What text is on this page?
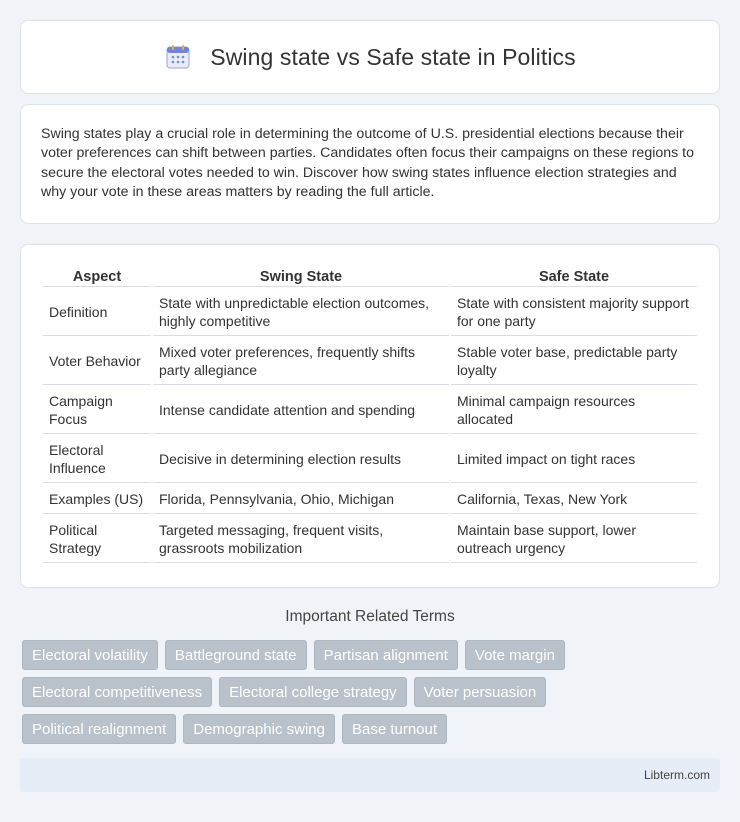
Swing state vs Safe state in Politics

Swing states play a crucial role in determining the outcome of U.S. presidential elections because their voter preferences can shift between parties. Candidates often focus their campaigns on these regions to secure the electoral votes needed to win. Discover how swing states influence election strategies and why your vote in these areas matters by reading the full article.

Aspect	Swing State	Safe State
Definition	State with unpredictable election outcomes, highly competitive	State with consistent majority support for one party
Voter Behavior	Mixed voter preferences, frequently shifts party allegiance	Stable voter base, predictable party loyalty
Campaign Focus	Intense candidate attention and spending	Minimal campaign resources allocated
Electoral Influence	Decisive in determining election results	Limited impact on tight races
Examples (US)	Florida, Pennsylvania, Ohio, Michigan	California, Texas, New York
Political Strategy	Targeted messaging, frequent visits, grassroots mobilization	Maintain base support, lower outreach urgency
Important Related Terms
Electoral volatility	Battleground state	Partisan alignment	Vote margin
Electoral competitiveness	Electoral college strategy	Voter persuasion
Political realignment	Demographic swing	Base turnout
Libterm.com
